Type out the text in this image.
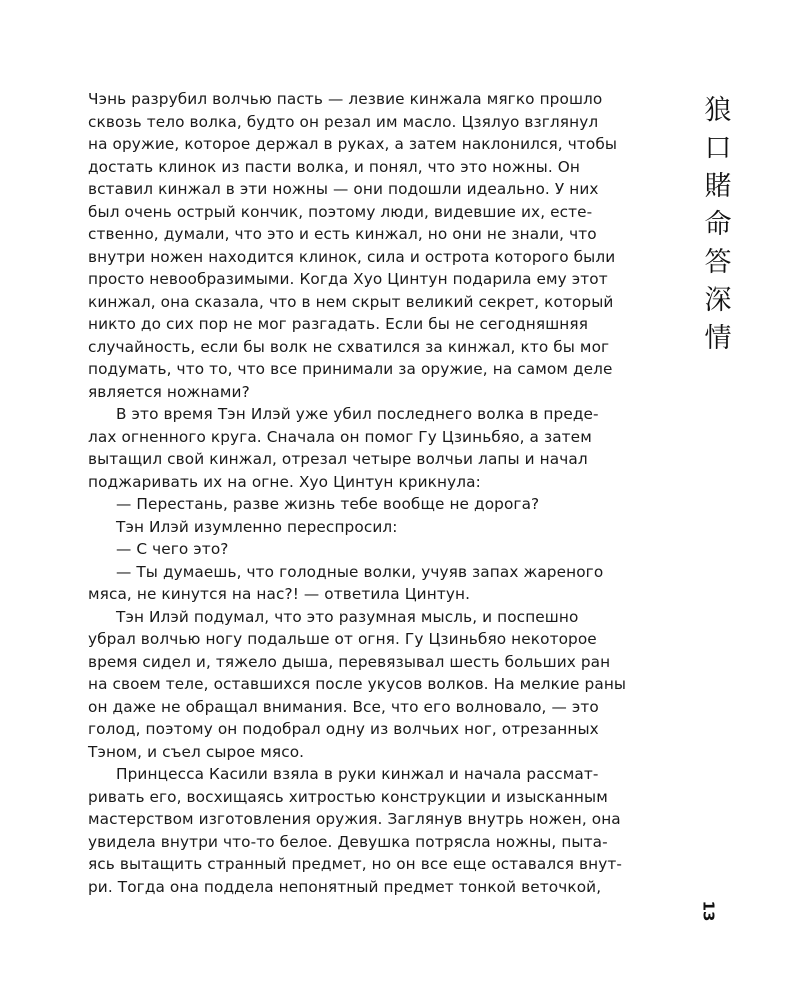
Чэнь разрубил волчью пасть — лезвие кинжала мягко прошло
сквозь тело волка, будто он резал им масло. Цзялуо взглянул
на оружие, которое держал в руках, а затем наклонился, чтобы
достать клинок из пасти волка, и понял, что это ножны. Он
вставил кинжал в эти ножны — они подошли идеально. У них
был очень острый кончик, поэтому люди, видевшие их, есте-
ственно, думали, что это и есть кинжал, но они не знали, что
внутри ножен находится клинок, сила и острота которого были
просто невообразимыми. Когда Хуо Цинтун подарила ему этот
кинжал, она сказала, что в нем скрыт великий секрет, который
никто до сих пор не мог разгадать. Если бы не сегодняшняя
случайность, если бы волк не схватился за кинжал, кто бы мог
подумать, что то, что все принимали за оружие, на самом деле
является ножнами?

В это время Тэн Илэй уже убил последнего волка в преде-
лах огненного круга. Сначала он помог Гу Цзиньбяо, а затем
вытащил свой кинжал, отрезал четыре волчьи лапы и начал
поджаривать их на огне. Хуо Цинтун крикнула:

— Перестань, разве жизнь тебе вообще не дорога?

Тэн Илэй изумленно переспросил:

— С чего это?

— Ты думаешь, что голодные волки, учуяв запах жареного
мяса, не кинутся на нас?! — ответила Цинтун.

Тэн Илэй подумал, что это разумная мысль, и поспешно
убрал волчью ногу подальше от огня. Гу Цзиньбяо некоторое
время сидел и, тяжело дыша, перевязывал шесть больших ран
на своем теле, оставшихся после укусов волков. На мелкие раны
он даже не обращал внимания. Все, что его волновало, — это
голод, поэтому он подобрал одну из волчьих ног, отрезанных
Тэном, и съел сырое мясо.

Принцесса Касили взяла в руки кинжал и начала рассмат-
ривать его, восхищаясь хитростью конструкции и изысканным
мастерством изготовления оружия. Заглянув внутрь ножен, она
увидела внутри что-то белое. Девушка потрясла ножны, пыта-
ясь вытащить странный предмет, но он все еще оставался внут-
ри. Тогда она поддела непонятный предмет тонкой веточкой,

狼
口
賭
命
答
深
情
13
